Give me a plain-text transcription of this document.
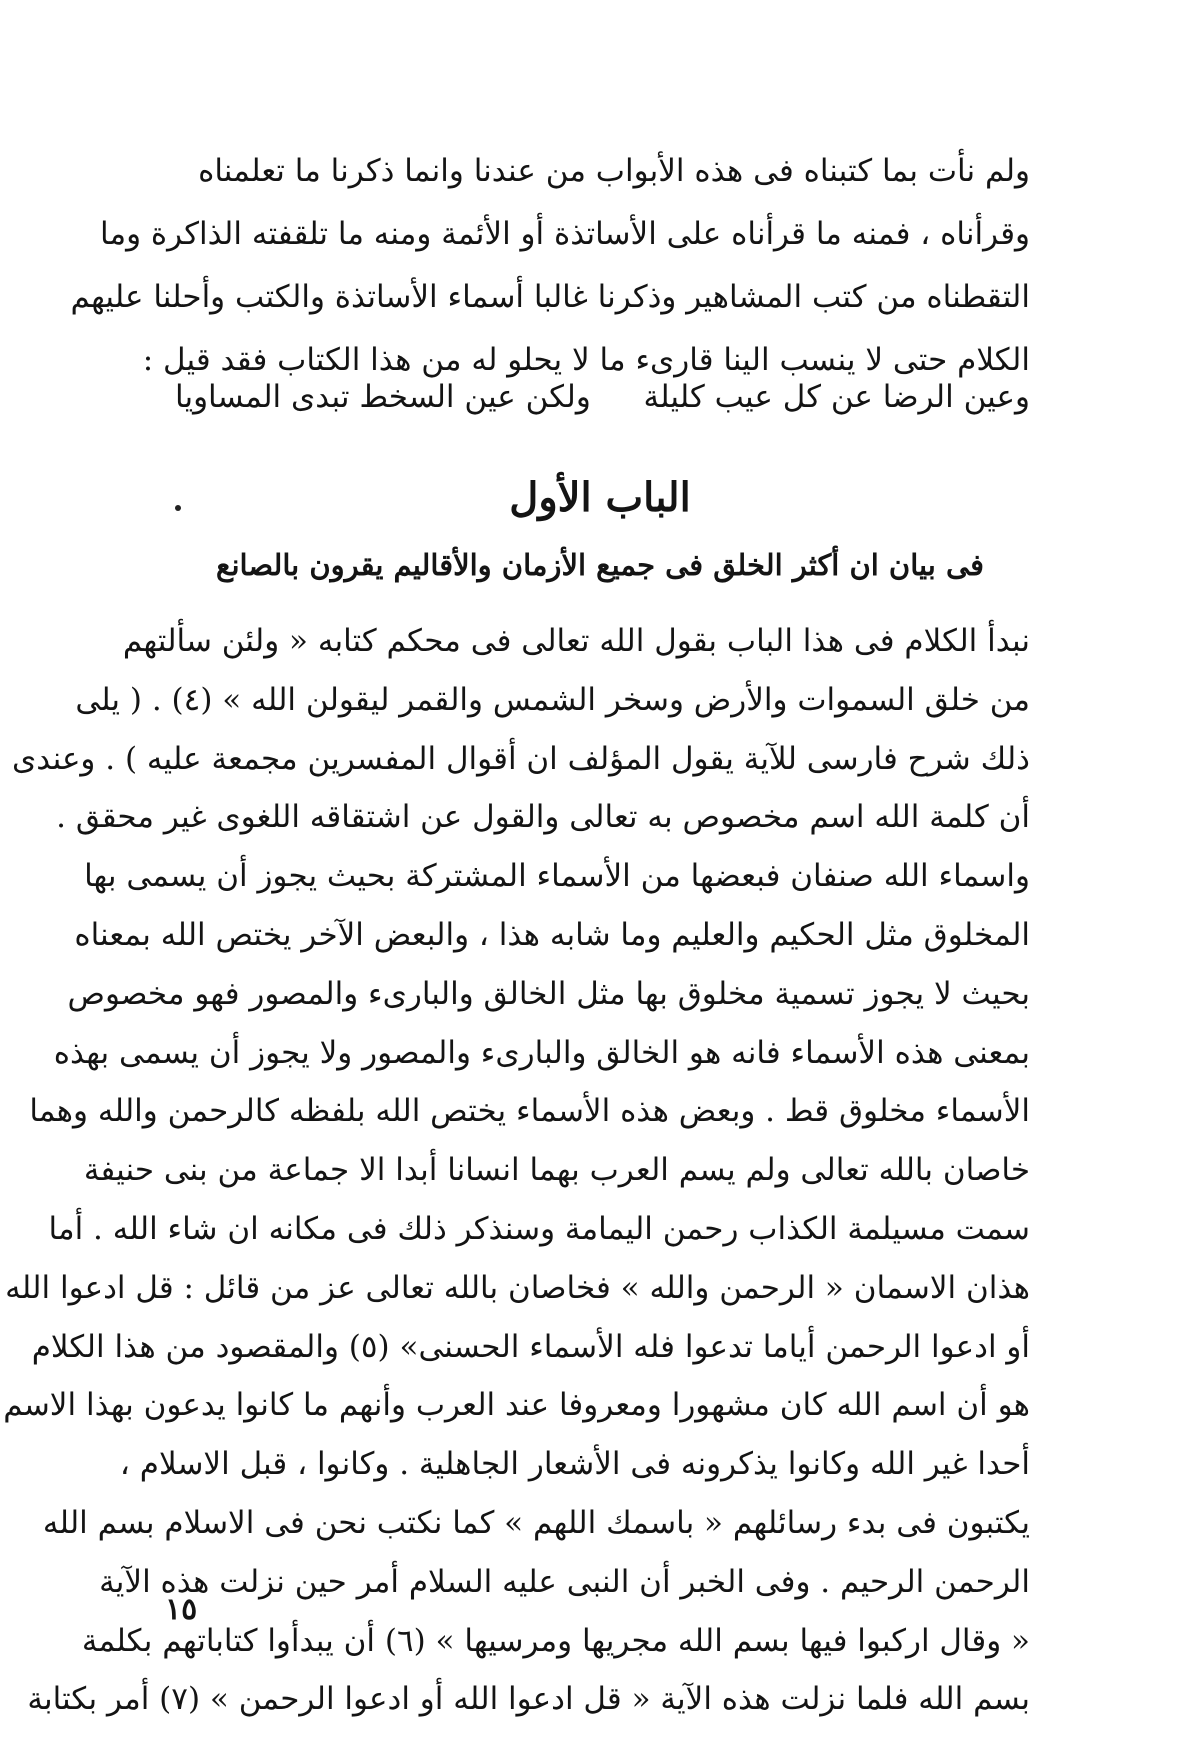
ولم نأت بما كتبناه فى هذه الأبواب من عندنا وانما ذكرنا ما تعلمناه
وقرأناه ، فمنه ما قرأناه على الأساتذة أو الأئمة ومنه ما تلقفته الذاكرة وما
التقطناه من كتب المشاهير وذكرنا غالبا أسماء الأساتذة والكتب وأحلنا عليهم
الكلام حتى لا ينسب الينا قارىء ما لا يحلو له من هذا الكتاب فقد قيل :
وعين الرضا عن كل عيب كليلة
ولكن عين السخط تبدى المساويا
الباب الأول
فى بيان ان أكثر الخلق فى جميع الأزمان والأقاليم يقرون بالصانع
نبدأ الكلام فى هذا الباب بقول الله تعالى فى محكم كتابه « ولئن سألتهم
من خلق السموات والأرض وسخر الشمس والقمر ليقولن الله » (٤) . ( يلى
ذلك شرح فارسى للآية يقول المؤلف ان أقوال المفسرين مجمعة عليه ) . وعندى
أن كلمة الله اسم مخصوص به تعالى والقول عن اشتقاقه اللغوى غير محقق .
واسماء الله صنفان فبعضها من الأسماء المشتركة بحيث يجوز أن يسمى بها
المخلوق مثل الحكيم والعليم وما شابه هذا ، والبعض الآخر يختص الله بمعناه
بحيث لا يجوز تسمية مخلوق بها مثل الخالق والبارىء والمصور فهو مخصوص
بمعنى هذه الأسماء فانه هو الخالق والبارىء والمصور ولا يجوز أن يسمى بهذه
الأسماء مخلوق قط . وبعض هذه الأسماء يختص الله بلفظه كالرحمن والله وهما
خاصان بالله تعالى ولم يسم العرب بهما انسانا أبدا الا جماعة من بنى حنيفة
سمت مسيلمة الكذاب رحمن اليمامة وسنذكر ذلك فى مكانه ان شاء الله . أما
هذان الاسمان « الرحمن والله » فخاصان بالله تعالى عز من قائل : قل ادعوا الله
أو ادعوا الرحمن أياما تدعوا فله الأسماء الحسنى» (٥) والمقصود من هذا الكلام
هو أن اسم الله كان مشهورا ومعروفا عند العرب وأنهم ما كانوا يدعون بهذا الاسم
أحدا غير الله وكانوا يذكرونه فى الأشعار الجاهلية . وكانوا ، قبل الاسلام ،
يكتبون فى بدء رسائلهم « باسمك اللهم » كما نكتب نحن فى الاسلام بسم الله
الرحمن الرحيم . وفى الخبر أن النبى عليه السلام أمر حين نزلت هذه الآية
« وقال اركبوا فيها بسم الله مجريها ومرسيها » (٦) أن يبدأوا كتاباتهم بكلمة
بسم الله فلما نزلت هذه الآية « قل ادعوا الله أو ادعوا الرحمن » (٧) أمر بكتابة
١٥
